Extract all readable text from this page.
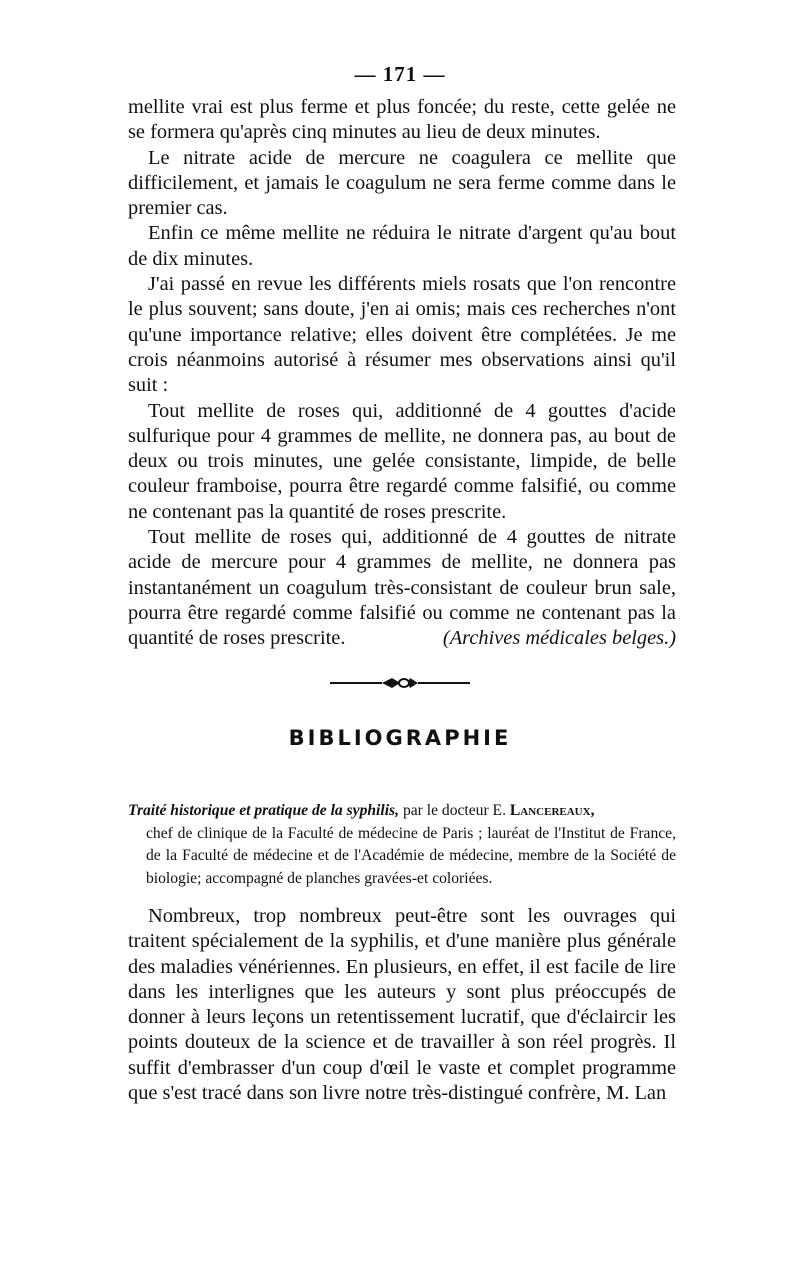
— 171 —

mellite vrai est plus ferme et plus foncée; du reste, cette gelée ne se formera qu'après cinq minutes au lieu de deux minutes.

Le nitrate acide de mercure ne coagulera ce mellite que difficilement, et jamais le coagulum ne sera ferme comme dans le premier cas.

Enfin ce même mellite ne réduira le nitrate d'argent qu'au bout de dix minutes.

J'ai passé en revue les différents miels rosats que l'on rencontre le plus souvent; sans doute, j'en ai omis; mais ces recherches n'ont qu'une importance relative; elles doivent être complétées. Je me crois néanmoins autorisé à résumer mes observations ainsi qu'il suit :

Tout mellite de roses qui, additionné de 4 gouttes d'acide sulfurique pour 4 grammes de mellite, ne donnera pas, au bout de deux ou trois minutes, une gelée consistante, limpide, de belle couleur framboise, pourra être regardé comme falsifié, ou comme ne contenant pas la quantité de roses prescrite.

Tout mellite de roses qui, additionné de 4 gouttes de nitrate acide de mercure pour 4 grammes de mellite, ne donnera pas instantanément un coagulum très-consistant de couleur brun sale, pourra être regardé comme falsifié ou comme ne contenant pas la quantité de roses prescrite.	(Archives médicales belges.)

BIBLIOGRAPHIE
Traité historique et pratique de la syphilis, par le docteur E. Lancereaux,
chef de clinique de la Faculté de médecine de Paris ; lauréat de l'Institut de France, de la Faculté de médecine et de l'Académie de médecine, membre de la Société de biologie; accompagné de planches gravées-et coloriées.

Nombreux, trop nombreux peut-être sont les ouvrages qui traitent spécialement de la syphilis, et d'une manière plus générale des maladies vénériennes. En plusieurs, en effet, il est facile de lire dans les interlignes que les auteurs y sont plus préoccupés de donner à leurs leçons un retentissement lucratif, que d'éclaircir les points douteux de la science et de travailler à son réel progrès. Il suffit d'embrasser d'un coup d'œil le vaste et complet programme que s'est tracé dans son livre notre très-distingué confrère, M. Lan
